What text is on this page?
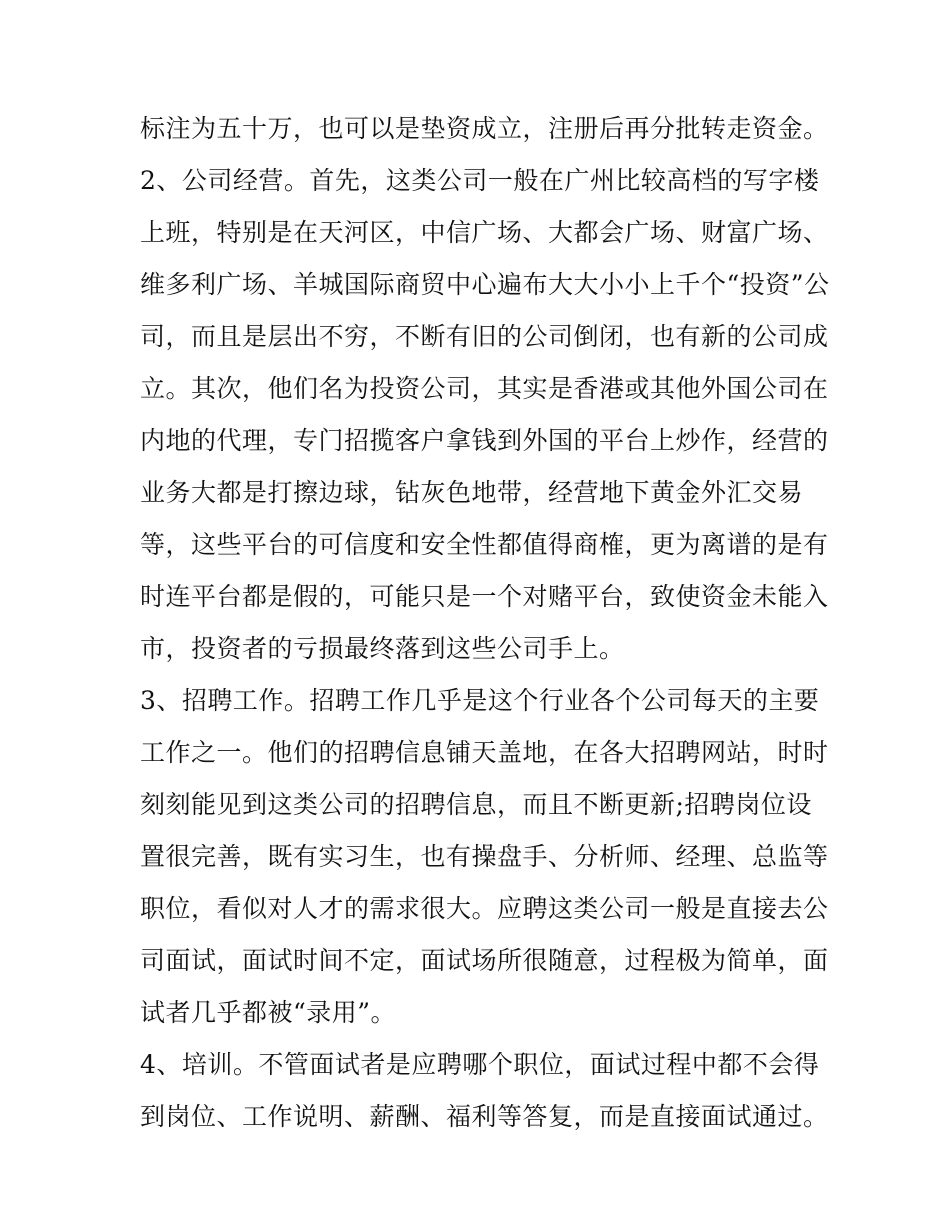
标注为五十万，也可以是垫资成立，注册后再分批转走资金。
2、公司经营。首先，这类公司一般在广州比较高档的写字楼
上班，特别是在天河区，中信广场、大都会广场、财富广场、
维多利广场、羊城国际商贸中心遍布大大小小上千个“投资”公
司，而且是层出不穷，不断有旧的公司倒闭，也有新的公司成
立。其次，他们名为投资公司，其实是香港或其他外国公司在
内地的代理，专门招揽客户拿钱到外国的平台上炒作，经营的
业务大都是打擦边球，钻灰色地带，经营地下黄金外汇交易
等，这些平台的可信度和安全性都值得商榷，更为离谱的是有
时连平台都是假的，可能只是一个对赌平台，致使资金未能入
市，投资者的亏损最终落到这些公司手上。
3、招聘工作。招聘工作几乎是这个行业各个公司每天的主要
工作之一。他们的招聘信息铺天盖地，在各大招聘网站，时时
刻刻能见到这类公司的招聘信息，而且不断更新;招聘岗位设
置很完善，既有实习生，也有操盘手、分析师、经理、总监等
职位，看似对人才的需求很大。应聘这类公司一般是直接去公
司面试，面试时间不定，面试场所很随意，过程极为简单，面
试者几乎都被“录用”。
4、培训。不管面试者是应聘哪个职位，面试过程中都不会得
到岗位、工作说明、薪酬、福利等答复，而是直接面试通过。
